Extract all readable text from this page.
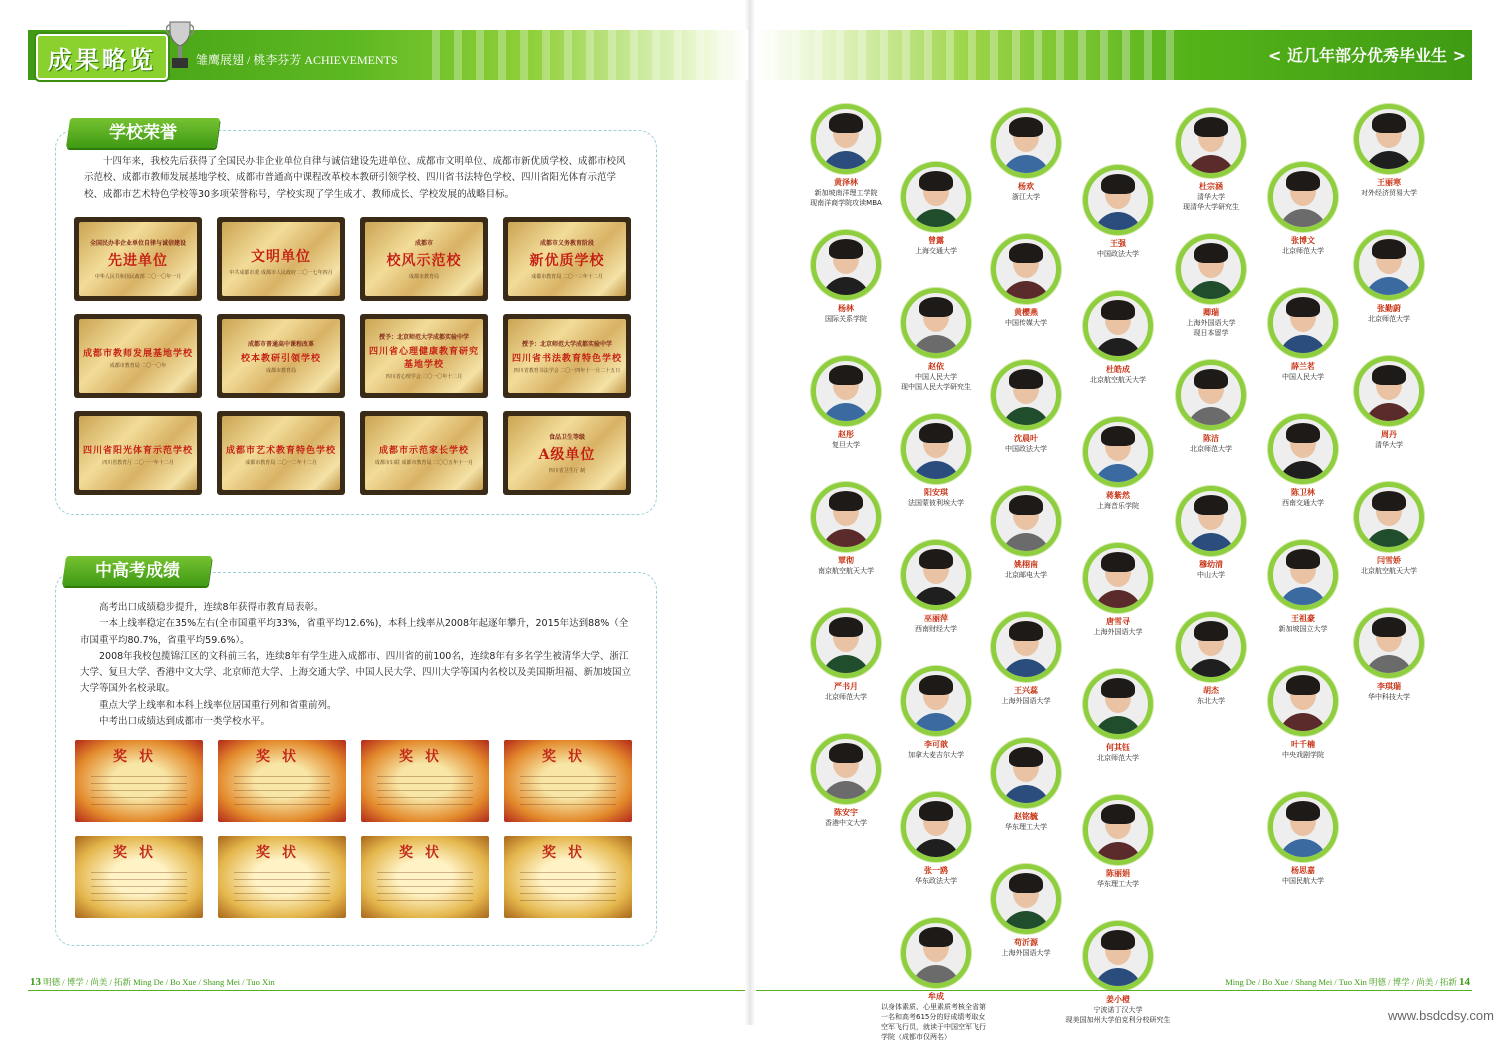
成果略览	雏鹰展翅 / 桃李芬芳 ACHIEVEMENTS	< 近几年部分优秀毕业生 >
学校荣誉

十四年来，我校先后获得了全国民办非企业单位自律与诚信建设先进单位、成都市文明单位、成都市新优质学校、成都市校风示范校、成都市教师发展基地学校、成都市普通高中课程改革校本教研引领学校、四川省书法特色学校、四川省阳光体育示范学校、成都市艺术特色学校等30多项荣誉称号，学校实现了学生成才、教师成长、学校发展的战略目标。

全国民办非企业单位自律与诚信建设
先进单位
中华人民共和国民政部 二〇一〇年一月
文明单位
中共成都市委 成都市人民政府 二〇一七年四月
成都市
校风示范校
成都市教育局
成都市义务教育阶段
新优质学校
成都市教育局 二〇一三年十二月
成都市教师发展基地学校
成都市教育局 二〇一〇年
成都市普通高中课程改革
校本教研引领学校
成都市教育局
授予：北京师范大学成都实验中学
四川省心理健康教育研究基地学校
四川省心理学会 二〇一〇年十二月
授予：北京师范大学成都实验中学
四川省书法教育特色学校
四川省教育书法学会 二〇一四年十一月二十五日
四川省阳光体育示范学校
四川省教育厅 二〇一一年十二月
成都市艺术教育特色学校
成都市教育局 二〇一二年十二月
成都市示范家长学校
成都市妇联 成都市教育局 二〇〇五年十一月
食品卫生等级
A级单位
四川省卫生厅 制
中高考成绩

高考出口成绩稳步提升，连续8年获得市教育局表彰。

一本上线率稳定在35%左右(全市国重平均33%，省重平均12.6%)，本科上线率从2008年起逐年攀升，2015年达到88%（全市国重平均80.7%，省重平均59.6%）。

2008年我校包揽锦江区的文科前三名，连续8年有学生进入成都市、四川省的前100名，连续8年有多名学生被清华大学、浙江大学、复旦大学、香港中文大学、北京师范大学、上海交通大学、中国人民大学、四川大学等国内名校以及美国斯坦福、新加坡国立大学等国外名校录取。

重点大学上线率和本科上线率位居国重行列和省重前列。

中考出口成绩达到成都市一类学校水平。

奖状	奖状	奖状	奖状
奖状	奖状	奖状	奖状
黄泽林
新加坡南洋理工学院
现南洋商学院攻读MBA
王丽寒
对外经济贸易大学
杨欢
浙江大学
杜宗涵
清华大学
现清华大学研究生
曾露
上海交通大学
张博文
北京师范大学
王强
中国政法大学
杨林
国际关系学院
张勤蔚
北京师范大学
黄樱燕
中国传媒大学
卿瑞
上海外国语大学
现日本留学
赵依
中国人民大学
现中国人民大学研究生
薛兰茗
中国人民大学
杜皓成
北京航空航天大学
赵彤
复旦大学
周丹
清华大学
沈晨叶
中国政法大学
陈洁
北京师范大学
阳安琪
法国蒙彼利埃大学
陈卫林
西南交通大学
蒋紫然
上海音乐学院
覃彻
南京航空航天大学
闫雪娇
北京航空航天大学
姚栩南
北京邮电大学
穆幼清
中山大学
巫丽萍
西南财经大学
王祖豪
新加坡国立大学
唐雪寻
上海外国语大学
严书月
北京师范大学
李琪瑞
华中科技大学
王兴蕊
上海外国语大学
胡杰
东北大学
李可歆
加拿大麦吉尔大学
叶千楠
中央戏剧学院
何其钰
北京师范大学
陈安宇
香港中文大学
赵铭毓
华东理工大学
张一鸥
华东政法大学
杨思嘉
中国民航大学
陈丽娟
华东理工大学
苟沂源
上海外国语大学
牟成
以身体素质、心里素质考核全省第一名和高考615分的好成绩考取女空军飞行员，就读于中国空军飞行学院（成都市仅两名）
姜小橙
宁波诺丁汉大学
现美国加州大学伯克利分校研究生
13 明德 / 博学 / 尚美 / 拓新 Ming De / Bo Xue / Shang Mei / Tuo Xin	Ming De / Bo Xue / Shang Mei / Tuo Xin 明德 / 博学 / 尚美 / 拓新 14
www.bsdcdsy.com
